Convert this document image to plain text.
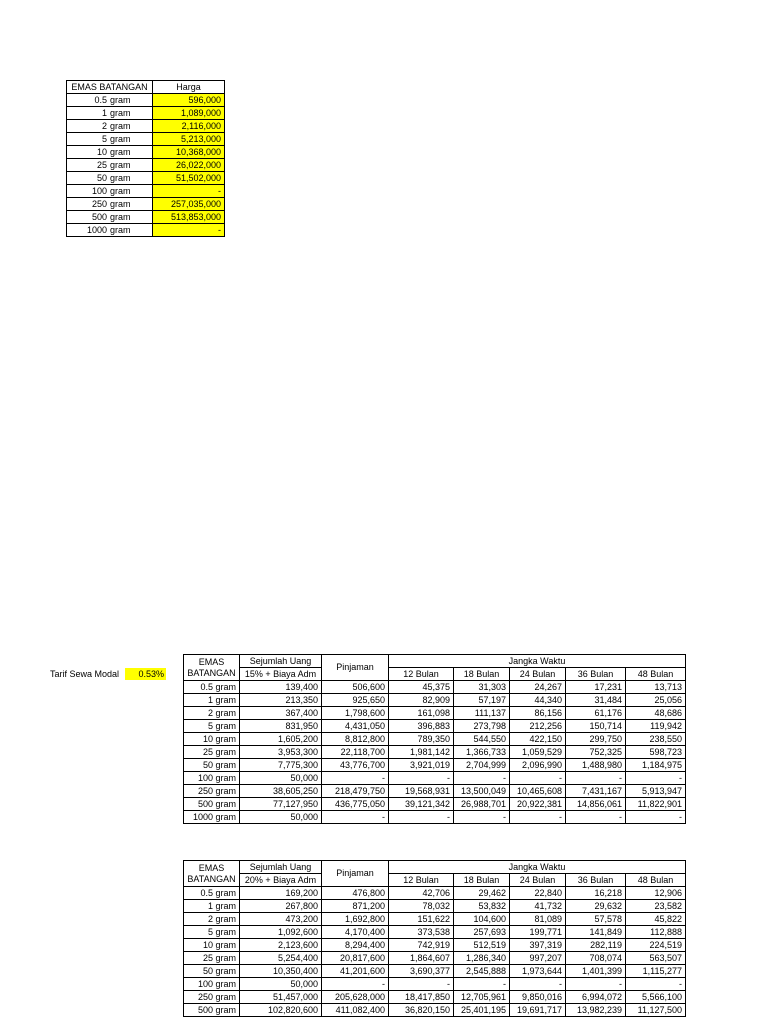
EMAS BATANGAN	Harga
0.5 gram	596,000
1 gram	1,089,000
2 gram	2,116,000
5 gram	5,213,000
10 gram	10,368,000
25 gram	26,022,000
50 gram	51,502,000
100 gram	-
250 gram	257,035,000
500 gram	513,853,000
1000 gram	-
Tarif Sewa Modal	0.53%
EMAS BATANGAN	Sejumlah Uang	Pinjaman	Jangka Waktu				
	15% + Biaya Adm		12 Bulan	18 Bulan	24 Bulan	36 Bulan	48 Bulan
0.5 gram	139,400	506,600	45,375	31,303	24,267	17,231	13,713
1 gram	213,350	925,650	82,909	57,197	44,340	31,484	25,056
2 gram	367,400	1,798,600	161,098	111,137	86,156	61,176	48,686
5 gram	831,950	4,431,050	396,883	273,798	212,256	150,714	119,942
10 gram	1,605,200	8,812,800	789,350	544,550	422,150	299,750	238,550
25 gram	3,953,300	22,118,700	1,981,142	1,366,733	1,059,529	752,325	598,723
50 gram	7,775,300	43,776,700	3,921,019	2,704,999	2,096,990	1,488,980	1,184,975
100 gram	50,000	-	-	-	-	-	-
250 gram	38,605,250	218,479,750	19,568,931	13,500,049	10,465,608	7,431,167	5,913,947
500 gram	77,127,950	436,775,050	39,121,342	26,988,701	20,922,381	14,856,061	11,822,901
1000 gram	50,000	-	-	-	-	-	-
EMAS BATANGAN	Sejumlah Uang	Pinjaman	Jangka Waktu				
	20% + Biaya Adm		12 Bulan	18 Bulan	24 Bulan	36 Bulan	48 Bulan
0.5 gram	169,200	476,800	42,706	29,462	22,840	16,218	12,906
1 gram	267,800	871,200	78,032	53,832	41,732	29,632	23,582
2 gram	473,200	1,692,800	151,622	104,600	81,089	57,578	45,822
5 gram	1,092,600	4,170,400	373,538	257,693	199,771	141,849	112,888
10 gram	2,123,600	8,294,400	742,919	512,519	397,319	282,119	224,519
25 gram	5,254,400	20,817,600	1,864,607	1,286,340	997,207	708,074	563,507
50 gram	10,350,400	41,201,600	3,690,377	2,545,888	1,973,644	1,401,399	1,115,277
100 gram	50,000	-	-	-	-	-	-
250 gram	51,457,000	205,628,000	18,417,850	12,705,961	9,850,016	6,994,072	5,566,100
500 gram	102,820,600	411,082,400	36,820,150	25,401,195	19,691,717	13,982,239	11,127,500
